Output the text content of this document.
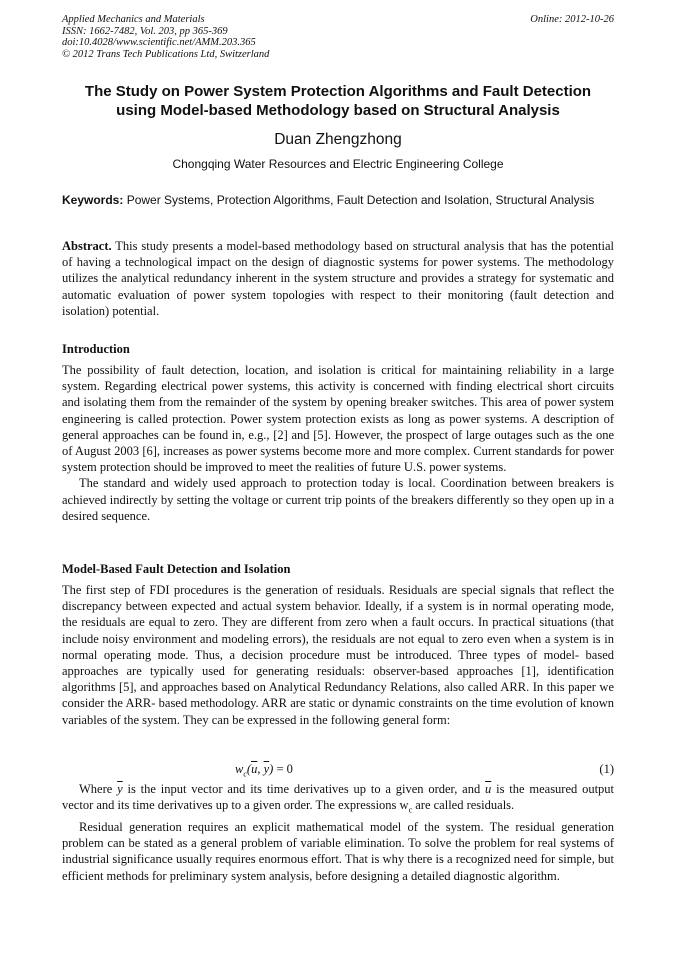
Applied Mechanics and Materials
ISSN: 1662-7482, Vol. 203, pp 365-369
doi:10.4028/www.scientific.net/AMM.203.365
© 2012 Trans Tech Publications Ltd, Switzerland
Online: 2012-10-26
The Study on Power System Protection Algorithms and Fault Detection
using Model-based Methodology based on Structural Analysis
Duan Zhengzhong
Chongqing Water Resources and Electric Engineering College
Keywords: Power Systems, Protection Algorithms, Fault Detection and Isolation, Structural Analysis

Abstract. This study presents a model-based methodology based on structural analysis that has the potential of having a technological impact on the design of diagnostic systems for power systems. The methodology utilizes the analytical redundancy inherent in the system structure and provides a strategy for systematic and automatic evaluation of power system topologies with respect to their monitoring (fault detection and isolation) potential.

Introduction

The possibility of fault detection, location, and isolation is critical for maintaining reliability in a large system. Regarding electrical power systems, this activity is concerned with finding electrical short circuits and isolating them from the remainder of the system by opening breaker switches. This area of power system engineering is called protection. Power system protection exists as long as power systems. A description of general approaches can be found in, e.g., [2] and [5]. However, the prospect of large outages such as the one of August 2003 [6], increases as power systems become more and more complex. Current standards for power system protection should be improved to meet the realities of future U.S. power systems.

The standard and widely used approach to protection today is local. Coordination between breakers is achieved indirectly by setting the voltage or current trip points of the breakers differently so they open up in a desired sequence.

Model-Based Fault Detection and Isolation
The first step of FDI procedures is the generation of residuals. Residuals are special signals that reflect the discrepancy between expected and actual system behavior. Ideally, if a system is in normal operating mode, the residuals are equal to zero. They are different from zero when a fault occurs. In practical situations (that include noisy environment and modeling errors), the residuals are not equal to zero even when a system is in normal operating mode. Thus, a decision procedure must be introduced. Three types of model- based approaches are typically used for generating residuals: observer-based approaches [1], identification algorithms [5], and approaches based on Analytical Redundancy Relations, also called ARR. In this paper we consider the ARR- based methodology. ARR are static or dynamic constraints on the time evolution of known variables of the system. They can be expressed in the following general form:
$w_c(\overline{u}$, $\overline{y}) = 0$	(1)

Where $\overline{y}$ is the input vector and its time derivatives up to a given order, and $\overline{u}$ is the measured output vector and its time derivatives up to a given order. The expressions $w_c$ are called residuals.

Residual generation requires an explicit mathematical model of the system. The residual generation problem can be stated as a general problem of variable elimination. To solve the problem for real systems of industrial significance usually requires enormous effort. That is why there is a recognized need for simple, but efficient methods for preliminary system analysis, before designing a detailed diagnostic algorithm.
